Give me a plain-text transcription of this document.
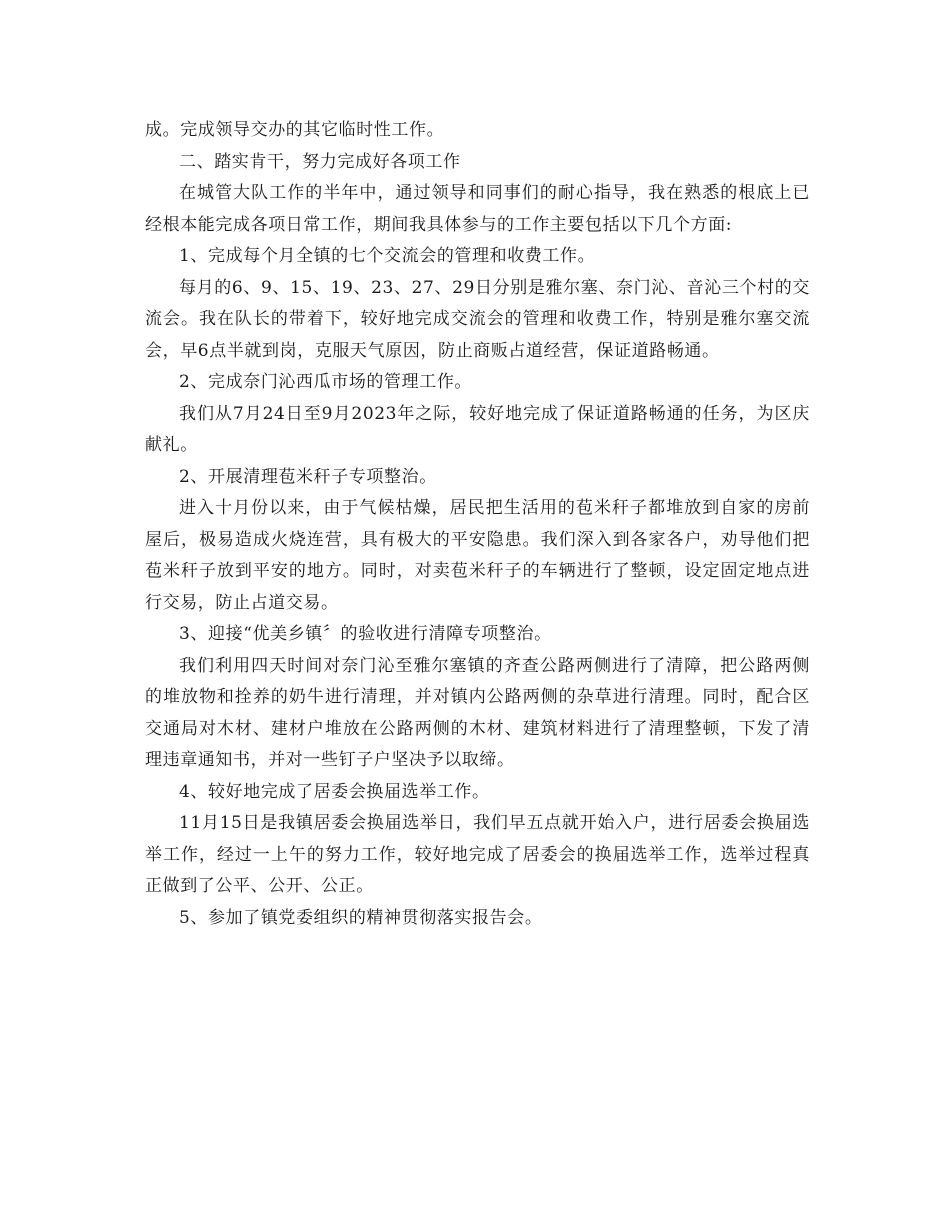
成。完成领导交办的其它临时性工作。

二、踏实肯干，努力完成好各项工作

在城管大队工作的半年中，通过领导和同事们的耐心指导，我在熟悉的根底上已经根本能完成各项日常工作，期间我具体参与的工作主要包括以下几个方面:

1、完成每个月全镇的七个交流会的管理和收费工作。

每月的6、9、15、19、23、27、29日分别是雅尔塞、奈门沁、音沁三个村的交流会。我在队长的带着下，较好地完成交流会的管理和收费工作，特别是雅尔塞交流会，早6点半就到岗，克服天气原因，防止商贩占道经营，保证道路畅通。

2、完成奈门沁西瓜市场的管理工作。

我们从7月24日至9月2023年之际，较好地完成了保证道路畅通的任务，为区庆献礼。

2、开展清理苞米秆子专项整治。

进入十月份以来，由于气候枯燥，居民把生活用的苞米秆子都堆放到自家的房前屋后，极易造成火烧连营，具有极大的平安隐患。我们深入到各家各户，劝导他们把苞米秆子放到平安的地方。同时，对卖苞米秆子的车辆进行了整顿，设定固定地点进行交易，防止占道交易。

3、迎接“优美乡镇〞的验收进行清障专项整治。

我们利用四天时间对奈门沁至雅尔塞镇的齐查公路两侧进行了清障，把公路两侧的堆放物和拴养的奶牛进行清理，并对镇内公路两侧的杂草进行清理。同时，配合区交通局对木材、建材户堆放在公路两侧的木材、建筑材料进行了清理整顿，下发了清理违章通知书，并对一些钉子户坚决予以取缔。

4、较好地完成了居委会换届选举工作。

11月15日是我镇居委会换届选举日，我们早五点就开始入户，进行居委会换届选举工作，经过一上午的努力工作，较好地完成了居委会的换届选举工作，选举过程真正做到了公平、公开、公正。

5、参加了镇党委组织的精神贯彻落实报告会。
